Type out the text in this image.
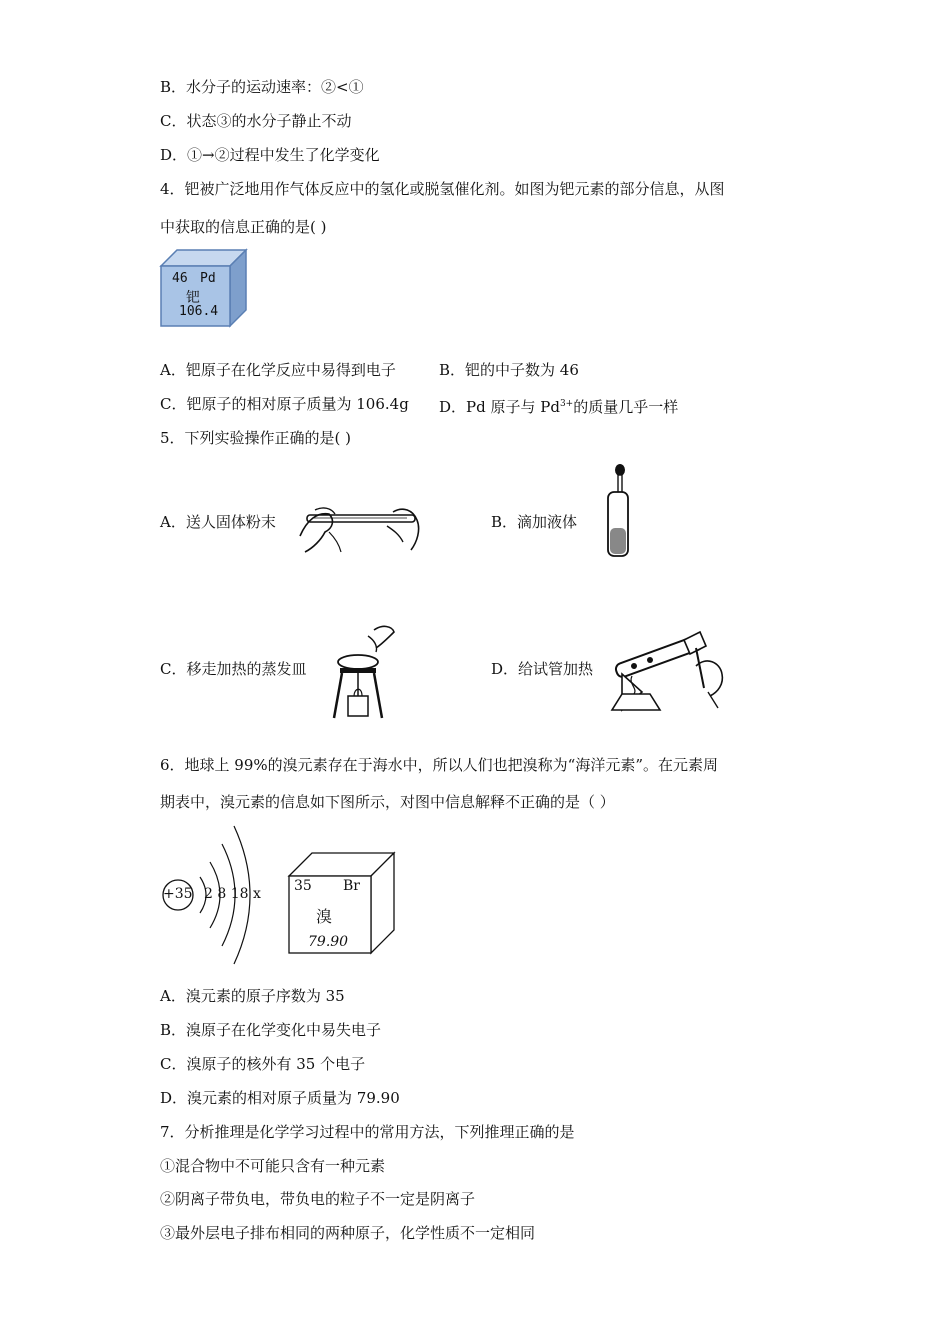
B．水分子的运动速率：②<①
C．状态③的水分子静止不动
D．①→②过程中发生了化学变化
4．钯被广泛地用作气体反应中的氢化或脱氢催化剂。如图为钯元素的部分信息，从图
中获取的信息正确的是( )
46 Pd
钯
106.4
A．钯原子在化学反应中易得到电子	B．钯的中子数为 46
C．钯原子的相对原子质量为 106.4g D．Pd 原子与 $Pd^{3+}$的质量几乎一样
5．下列实验操作正确的是( )
A．送人固体粉末	B．滴加液体
C．移走加热的蒸发皿	D．给试管加热
6．地球上 99%的溴元素存在于海水中，所以人们也把溴称为“海洋元素”。在元素周
期表中，溴元素的信息如下图所示，对图中信息解释不正确的是（ ）
+35 2 8 18 x 35 Br
溴
79.90
A．溴元素的原子序数为 35
B．溴原子在化学变化中易失电子
C．溴原子的核外有 35 个电子
D．溴元素的相对原子质量为 79.90
7．分析推理是化学学习过程中的常用方法，下列推理正确的是
①混合物中不可能只含有一种元素
②阴离子带负电，带负电的粒子不一定是阴离子
③最外层电子排布相同的两种原子，化学性质不一定相同
